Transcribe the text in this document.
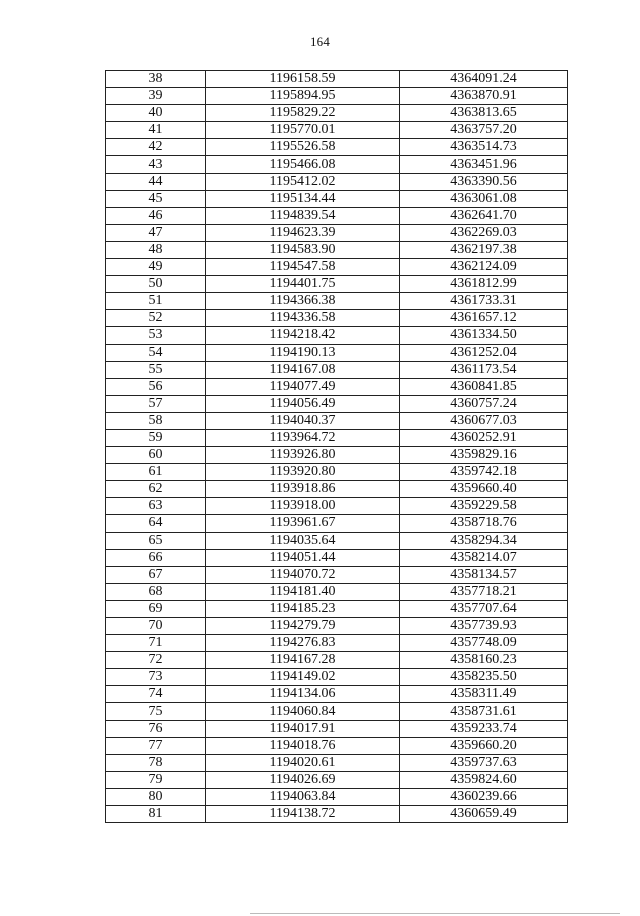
164
38	1196158.59	4364091.24
39	1195894.95	4363870.91
40	1195829.22	4363813.65
41	1195770.01	4363757.20
42	1195526.58	4363514.73
43	1195466.08	4363451.96
44	1195412.02	4363390.56
45	1195134.44	4363061.08
46	1194839.54	4362641.70
47	1194623.39	4362269.03
48	1194583.90	4362197.38
49	1194547.58	4362124.09
50	1194401.75	4361812.99
51	1194366.38	4361733.31
52	1194336.58	4361657.12
53	1194218.42	4361334.50
54	1194190.13	4361252.04
55	1194167.08	4361173.54
56	1194077.49	4360841.85
57	1194056.49	4360757.24
58	1194040.37	4360677.03
59	1193964.72	4360252.91
60	1193926.80	4359829.16
61	1193920.80	4359742.18
62	1193918.86	4359660.40
63	1193918.00	4359229.58
64	1193961.67	4358718.76
65	1194035.64	4358294.34
66	1194051.44	4358214.07
67	1194070.72	4358134.57
68	1194181.40	4357718.21
69	1194185.23	4357707.64
70	1194279.79	4357739.93
71	1194276.83	4357748.09
72	1194167.28	4358160.23
73	1194149.02	4358235.50
74	1194134.06	4358311.49
75	1194060.84	4358731.61
76	1194017.91	4359233.74
77	1194018.76	4359660.20
78	1194020.61	4359737.63
79	1194026.69	4359824.60
80	1194063.84	4360239.66
81	1194138.72	4360659.49
